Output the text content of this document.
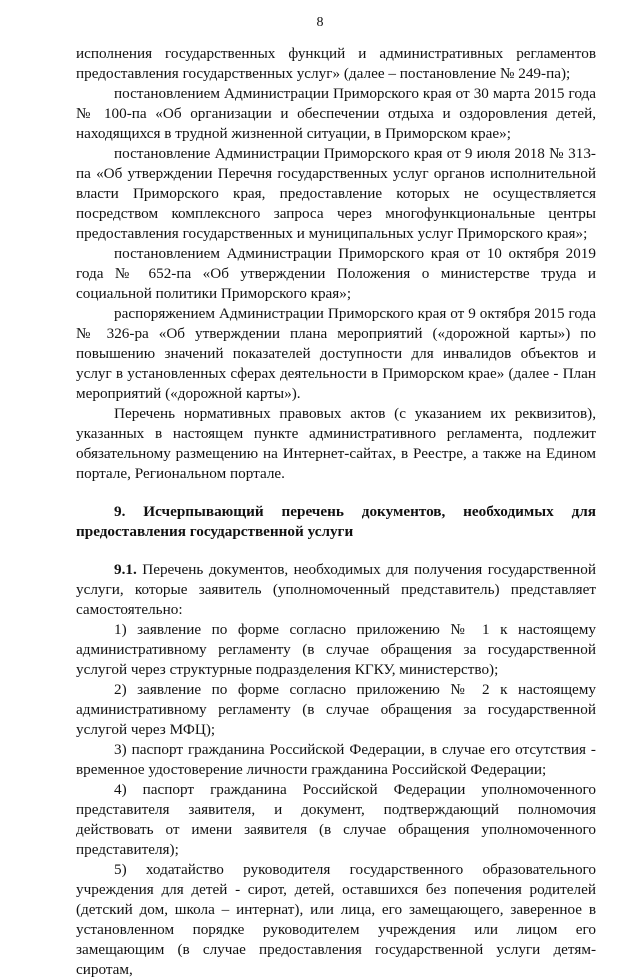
8

исполнения государственных функций и административных регламентов предоставления государственных услуг» (далее – постановление № 249-па);

постановлением Администрации Приморского края от 30 марта 2015 года № 100-па «Об организации и обеспечении отдыха и оздоровления детей, находящихся в трудной жизненной ситуации, в Приморском крае»;

постановление Администрации Приморского края от 9 июля 2018 № 313-па «Об утверждении Перечня государственных услуг органов исполнительной власти Приморского края, предоставление которых не осуществляется посредством комплексного запроса через многофункциональные центры предоставления государственных и муниципальных услуг Приморского края»;

постановлением Администрации Приморского края от 10 октября 2019 года № 652-па «Об утверждении Положения о министерстве труда и социальной политики Приморского края»;

распоряжением Администрации Приморского края от 9 октября 2015 года № 326-ра «Об утверждении плана мероприятий («дорожной карты») по повышению значений показателей доступности для инвалидов объектов и услуг в установленных сферах деятельности в Приморском крае» (далее - План мероприятий («дорожной карты»).

Перечень нормативных правовых актов (с указанием их реквизитов), указанных в настоящем пункте административного регламента, подлежит обязательному размещению на Интернет-сайтах, в Реестре, а также на Едином портале, Региональном портале.

9. Исчерпывающий перечень документов, необходимых для предоставления государственной услуги

9.1. Перечень документов, необходимых для получения государственной услуги, которые заявитель (уполномоченный представитель) представляет самостоятельно:

1) заявление по форме согласно приложению № 1 к настоящему административному регламенту (в случае обращения за государственной услугой через структурные подразделения КГКУ, министерство);

2) заявление по форме согласно приложению № 2 к настоящему административному регламенту (в случае обращения за государственной услугой через МФЦ);

3) паспорт гражданина Российской Федерации, в случае его отсутствия - временное удостоверение личности гражданина Российской Федерации;

4) паспорт гражданина Российской Федерации уполномоченного представителя заявителя, и документ, подтверждающий полномочия действовать от имени заявителя (в случае обращения уполномоченного представителя);

5) ходатайство руководителя государственного образовательного учреждения для детей - сирот, детей, оставшихся без попечения родителей (детский дом, школа – интернат), или лица, его замещающего, заверенное в установленном порядке руководителем учреждения или лицом его замещающим (в случае предоставления государственной услуги детям-сиротам,
